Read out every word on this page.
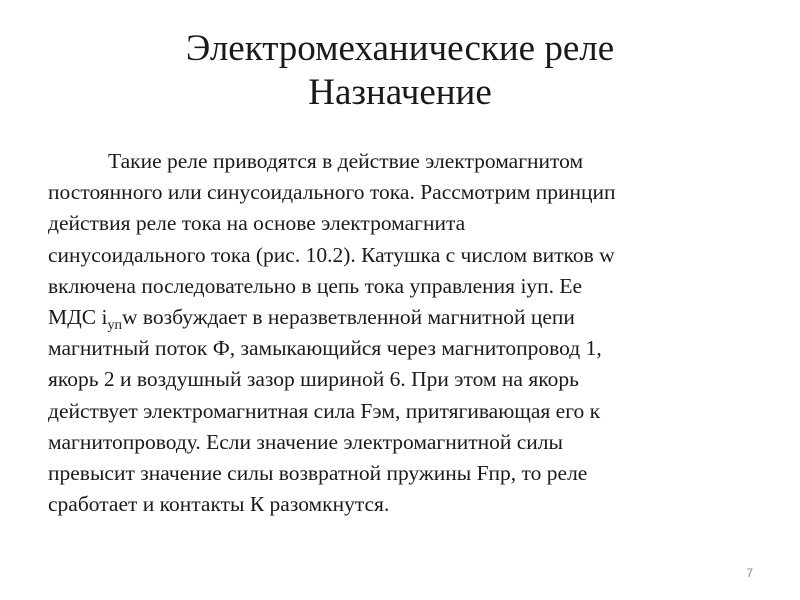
Электромеханические реле
Назначение
Такие реле приводятся в действие электромагнитом
постоянного или синусоидального тока. Рассмотрим принцип
действия реле тока на основе электромагнита
синусоидального тока (рис. 10.2). Катушка с числом витков w
включена последовательно в цепь тока управления iуп. Ее
МДС $i_{уп}w$ возбуждает в неразветвленной магнитной цепи
магнитный поток Ф, замыкающийся через магнитопровод 1,
якорь 2 и воздушный зазор шириной 6. При этом на якорь
действует электромагнитная сила Fэм, притягивающая его к
магнитопроводу. Если значение электромагнитной силы
превысит значение силы возвратной пружины Fпр, то реле
сработает и контакты К разомкнутся.
7
